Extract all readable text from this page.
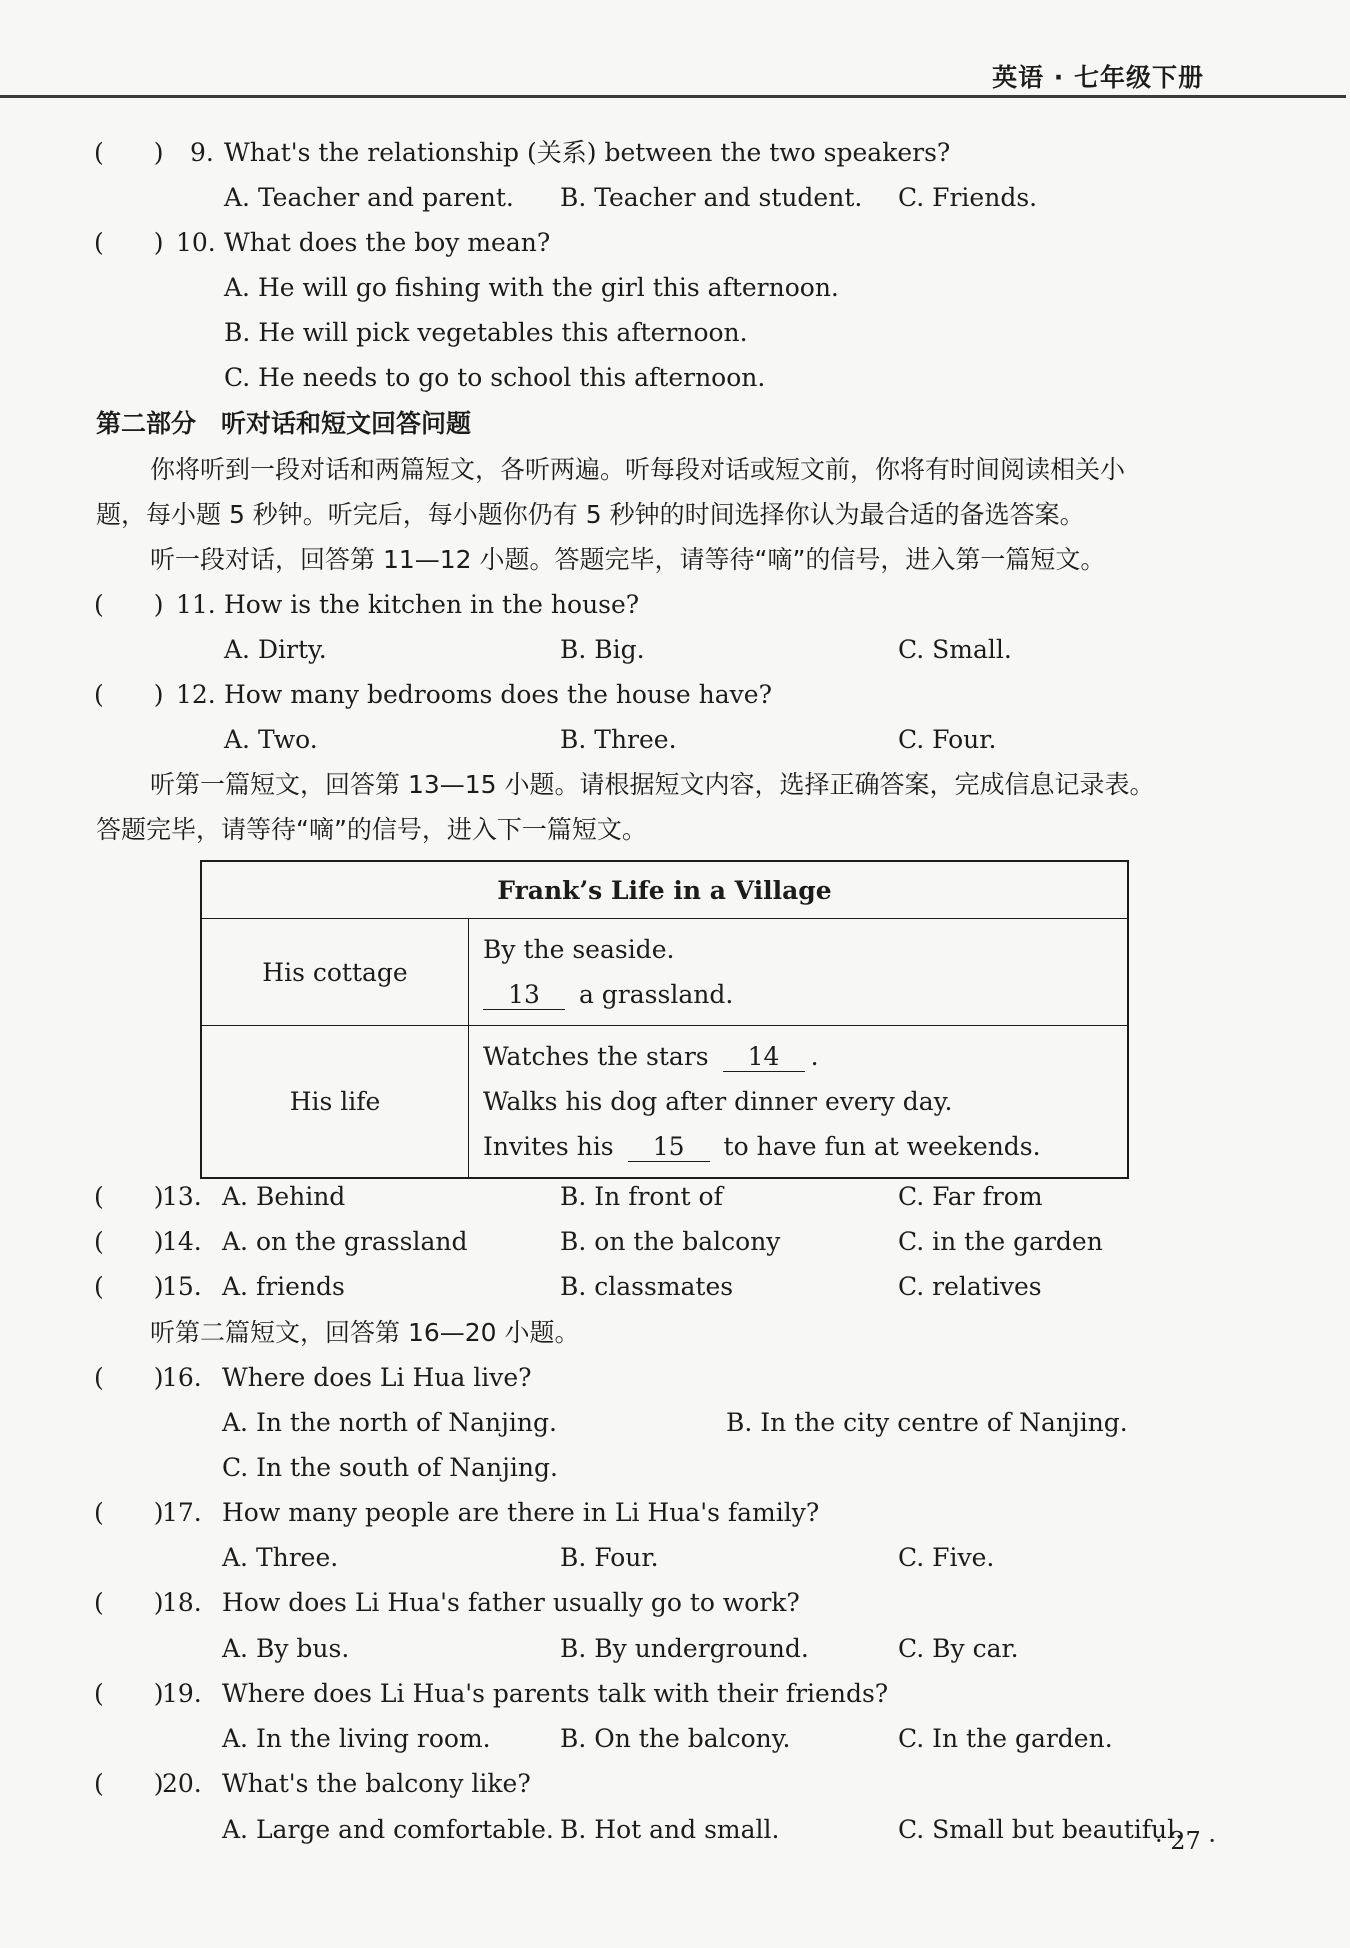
英语 · 七年级下册
(　　) 9. What's the relationship (关系) between the two speakers?
A. Teacher and parent. B. Teacher and student. C. Friends.
(　　) 10. What does the boy mean?
A. He will go fishing with the girl this afternoon.
B. He will pick vegetables this afternoon.
C. He needs to go to school this afternoon.
第二部分　听对话和短文回答问题
你将听到一段对话和两篇短文，各听两遍。听每段对话或短文前，你将有时间阅读相关小
题，每小题 5 秒钟。听完后，每小题你仍有 5 秒钟的时间选择你认为最合适的备选答案。
听一段对话，回答第 11—12 小题。答题完毕，请等待“嘀”的信号，进入第一篇短文。
(　　) 11. How is the kitchen in the house?
A. Dirty.	B. Big.	C. Small.
(　　) 12. How many bedrooms does the house have?
A. Two.	B. Three.	C. Four.
听第一篇短文，回答第 13—15 小题。请根据短文内容，选择正确答案，完成信息记录表。
答题完毕，请等待“嘀”的信号，进入下一篇短文。
Frank’s Life in a Village	
His cottage	By the seaside.
13 a grassland.

His life	Watches the stars 14 .
Walks his dog after dinner every day.
Invites his 15 to have fun at weekends.
(　　)
13. A. Behind	B. In front of	C. Far from
(　　)
14. A. on the grassland	B. on the balcony	C. in the garden
(　　)
15. A. friends	B. classmates	C. relatives
听第二篇短文，回答第 16—20 小题。
(　　)
16. Where does Li Hua live?
A. In the north of Nanjing.	B. In the city centre of Nanjing.
C. In the south of Nanjing.
(　　)
17. How many people are there in Li Hua's family?
A. Three.	B. Four.	C. Five.
(　　)
18. How does Li Hua's father usually go to work?
A. By bus.	B. By underground.	C. By car.
(　　)
19. Where does Li Hua's parents talk with their friends?
A. In the living room.	B. On the balcony.	C. In the garden.
(　　)
20. What's the balcony like?
A. Large and comfortable. B. Hot and small.	C. Small but beautiful.
· 27 ·
